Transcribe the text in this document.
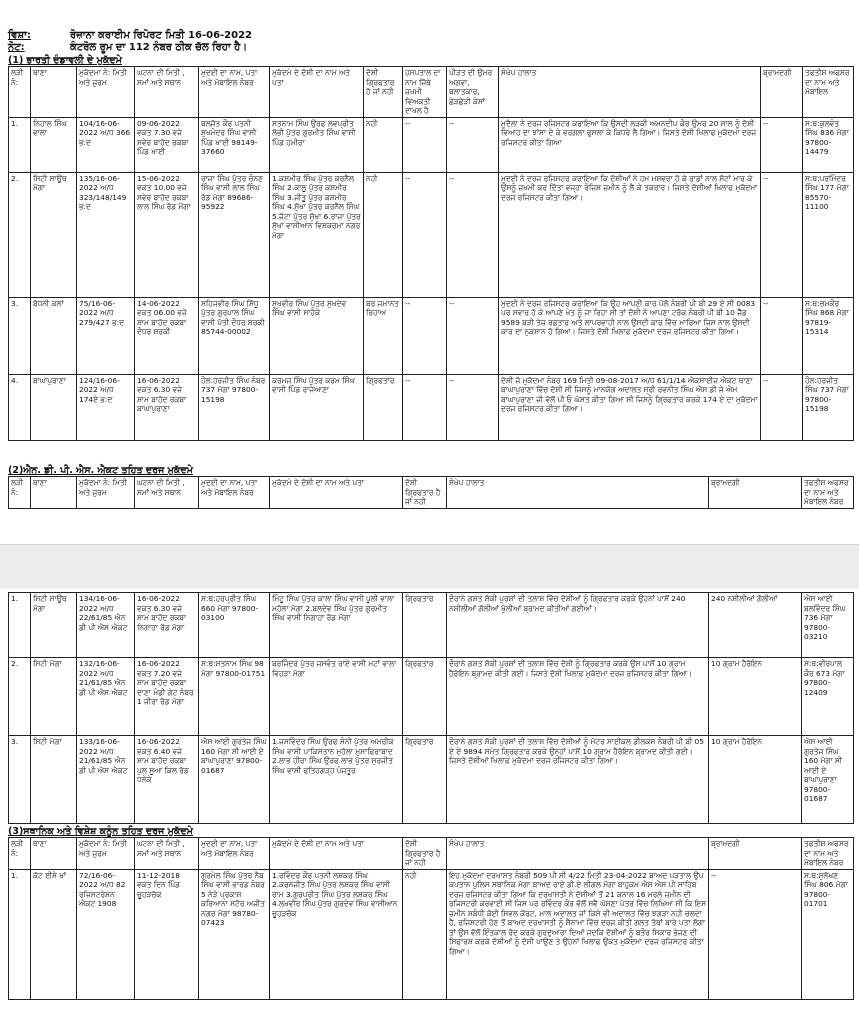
ਵਿਸ਼ਾ:	ਰੋਜ਼ਾਨਾ ਕਰਾਈਮ ਰਿਪੋਰਟ ਮਿਤੀ 16-06-2022
ਨੋਟ:	ਕੰਟਰੋਲ ਰੂਮ ਦਾ 112 ਨੰਬਰ ਠੀਕ ਚੱਲ ਰਿਹਾ ਹੈ।
(1) ਭਾਰਤੀ ਦੰਡਾਵਲੀ ਦੇ ਮੁਕੱਦਮੇ
ਲੜੀ ਨੰ:	ਥਾਣਾ	ਮੁਕੱਦਮਾ ਨੰ: ਮਿਤੀ ਅਤੇ ਜੁਰਮ	ਘਟਨਾ ਦੀ ਮਿਤੀ , ਸਮਾਂ ਅਤੇ ਸਥਾਨ	ਮੁਦਈ ਦਾ ਨਾਮ, ਪਤਾ ਅਤੇ ਮੋਬਾਇਲ ਨੰਬਰ	ਮੁਕੱਦਮੇ ਦੇ ਦੋਸ਼ੀ ਦਾ ਨਾਮ ਅਤੇ ਪਤਾ	ਦੋਸ਼ੀ ਗ੍ਰਿਫਤਾਰ ਹੋ ਜਾਂ ਨਹੀ	ਹਸਪਤਾਲ ਦਾ ਨਾਮ ਜਿੱਥੇ ਜ਼ਖਮੀ ਵਿਅਕਤੀ ਦਾਖਲ ਹੈ	ਪੀੜਤ ਦੀ ਉਮਰ ਅਗਵਾ, ਬਲਾਤਕਾਰ, ਛੇੜਛੇੜੀ ਕੇਸਾਂ	ਸੰਖੇਪ ਹਾਲਾਤ	ਬ੍ਰਾਮਦਗੀ	ਤਫਤੀਸ਼ ਅਫਸਰ ਦਾ ਨਾਮ ਅਤੇ ਮੋਬਾਇਲ
1.	ਨਿਹਾਲ ਸਿੰਘ ਵਾਲਾ	104/16-06-2022 ਅ/ਧ 366 ਭ:ਦ	09-06-2022 ਵਕਤ 7.30 ਵਜੇ ਸਵੇਰ ਬਾਹੱਦ ਰਕਬਾ ਪਿੰਡ ਖਾਈ	ਬਲਜੋਤ ਕੌਰ ਪਤਨੀ ਸੁਖਮੰਦਰ ਸਿੰਘ ਵਾਸੀ ਪਿੰਡ ਖਾਈ 98149-37660	ਸਤਨਾਮ ਸਿੰਘ ਉਰਫ ਲਵਪ੍ਰੀਤ ਲੱਭੀ ਪੁੱਤਰ ਗੁਰਮੀਤ ਸਿੰਘ ਵਾਸੀ ਪਿੰਡ ਹਮੀਰਾ	ਨਹੀ	--	--	ਮੁਦੈਲਾ ਨੇ ਦਰਜ ਰਜਿਸਟਰ ਕਰਾਇਆ ਕਿ ਉਸਦੀ ਲੜਕੀ ਅਮਨਦੀਪ ਕੌਰ ਉਮਰ 20 ਸਾਲ ਨੂੰ ਦੋਸ਼ੀ ਵਿਆਹ ਦਾ ਝਾਂਸਾ ਦੇ ਕੇ ਵਰਗਲਾ ਫੁਸਲਾ ਕੇ ਕਿਧਰੇ ਲੈ ਗਿਆ। ਜਿਸਤੇ ਦੋਸ਼ੀ ਖਿਲਾਫ ਮੁਕੱਦਮਾ ਦਰਜ ਰਜਿਸਟਰ ਕੀਤਾ ਗਿਆ	--	ਸ:ਥ:ਕੁਲਵੰਤ ਸਿੰਘ 836 ਮੋਗਾ 97800-14479
2.	ਸਿਟੀ ਸਾਊਥ ਮੋਗਾ	135/16-06-2022 ਅ/ਧ 323/148/149 ਭ:ਦ	15-06-2022 ਵਕਤ 10.00 ਵਜੇ ਸਵੇਰ ਬਾਹੱਦ ਰਕਬਾ ਲਾਲ ਸਿੰਘ ਰੋਡ ਮੋਗਾ	ਰਾਜਾ ਸਿੰਘ ਪੁੱਤਰ ਚੰਨਣ ਸਿੰਘ ਵਾਸੀ ਲਾਲ ਸਿੰਘ ਰੋਡ ਮੋਗਾ 89686-95922	1.ਕਸ਼ਮੀਰ ਸਿੰਘ ਪੁੱਤਰ ਕਰਨੈਲ ਸਿੰਘ 2.ਕਾਲੂ ਪੁੱਤਰ ਕਸ਼ਮੀਰ ਸਿੰਘ 3.ਜੀਤੂ ਪੁੱਤਰ ਕਸ਼ਮੀਰ ਸਿੰਘ 4.ਸੁੱਖਾ ਪੁੱਤਰ ਕਰਨੈਲ ਸਿੰਘ 5.ਜੱਟਾ ਪੁੱਤਰ ਸੁੱਖਾ 6.ਰਾਜਾ ਪੁੱਤਰ ਸੁੱਖਾ ਵਾਸੀਆਨ ਵਿਸ਼ਕਰਮਾ ਨਗਰ ਮੋਗਾ	ਨਹੀ	--	--	ਮੁਦਈ ਨੇ ਦਰਜ ਰਜਿਸਟਰ ਕਰਾਇਆ ਕਿ ਦੋਸ਼ੀਆਂ ਨੇ ਹਮ ਮਸ਼ਵਰਾ ਹੋ ਕੇ ਰਾਡਾਂ ਨਾਲ ਸੱਟਾਂ ਮਾਰ ਕੇ ਉਸਨੂੰ ਜ਼ਖਮੀ ਕਰ ਦਿੱਤਾ ਵਜ੍ਹਾ ਰੰਜਿਸ਼ ਜ਼ਮੀਨ ਨੂੰ ਲੈ ਕੇ ਤਕਰਾਰ। ਜਿਸਤੇ ਦੋਸ਼ੀਆਂ ਖਿਲਾਫ ਮੁਕੱਦਮਾ ਦਰਜ ਰਜਿਸਟਰ ਕੀਤਾ ਗਿਆ।	--	ਸ:ਥ:ਪਰਮਿੰਦਰ ਸਿੰਘ 177 ਮੋਗਾ 85570-11100
3.	ਬੱਧਨੀ ਕਲਾਂ	75/16-06-2022 ਅ/ਧ 279/427 ਭ:ਦ	14-06-2022 ਵਕਤ 06.00 ਵਜੇ ਸ਼ਾਮ ਬਾਹੱਦ ਰਕਬਾ ਦੌਧਰ ਸ਼ਰਕੀ	ਸਹਿਜਵੀਰ ਸਿੰਘ ਸਿੱਧੂ ਪੁੱਤਰ ਗੁਰਪਾਲ ਸਿੰਘ ਵਾਸੀ ਪੱਤੀ ਦੌਧਰ ਸ਼ਰਕੀ 85744-00002	ਸੁਖਵੀਰ ਸਿੰਘ ਪੁੱਤਰ ਸੁਖਦੇਵ ਸਿੰਘ ਵਾਸੀ ਸਾਹੋਕੇ	ਬਰ ਜਮਾਨਤ ਰਿਹਾਅ	--	--	ਮੁਦਈ ਨੇ ਦਰਜ ਰਜਿਸਟਰ ਕਰਾਇਆ ਕਿ ਉਹ ਆਪਣੀ ਕਾਰ ਪੋਲੋ ਨੰਬਰੀ ਪੀ ਬੀ 29 ਏ ਸੀ 0083 ਪਰ ਸਵਾਰ ਹੋ ਕੇ ਆਪਣੇ ਖੇਤ ਨੂੰ ਜਾ ਰਿਹਾ ਸੀ ਤਾਂ ਦੋਸ਼ੀ ਨੇ ਆਪਣਾ ਟਰੱਕ ਨੰਬਰੀ ਪੀ ਬੀ 10 ਜੈੱਡ 9589 ਬੜੀ ਤੇਜ਼ ਰਫਤਾਰ ਅਤੇ ਲਾਪਰਵਾਹੀ ਨਾਲ ਉਸਦੀ ਕਾਰ ਵਿੱਚ ਮਾਰਿਆ ਜਿਸ ਨਾਲ ਉਸਦੀ ਕਾਰ ਦਾ ਨੁਕਸਾਨ ਹੋ ਗਿਆ। ਜਿਸਤੇ ਦੋਸ਼ੀ ਖਿਲਾਫ ਮੁਕੱਦਮਾ ਦਰਜ ਰਜਿਸਟਰ ਕੀਤਾ ਗਿਆ।	--	ਸ:ਥ:ਚਮਕੌਰ ਸਿੰਘ 868 ਮੋਗਾ 97819-15314
4.	ਬਾਘਾਪੁਰਾਣਾ	124/16-06-2022 ਅ/ਧ 174ਏ ਭ:ਦ	16-06-2022 ਵਕਤ 6.30 ਵਜੇ ਸ਼ਾਮ ਬਾਹੱਦ ਰਕਬਾ ਬਾਘਾਪੁਰਾਣਾ	ਹੌਲ:ਹਰਜੀਤ ਸਿੰਘ ਨੰਬਰ 737 ਮੋਗਾ 97800-15198	ਕਰਮਜ ਸਿੰਘ ਪੁੱਤਰ ਕਰਮ ਸਿੰਘ ਵਾਸੀ ਪਿੰਡ ਰਾਜੇਆਣਾ	ਗ੍ਰਿਫਤਾਰ	--	--	ਦੋਸ਼ੀ ਜੋ ਮੁਕੱਦਮਾ ਨੰਬਰ 169 ਮਿਤੀ 09-08-2017 ਅ/ਧ 61/1/14 ਐਕਸਾਈਜ ਐਕਟ ਥਾਣਾ ਬਾਘਾਪੁਰਾਣਾ ਵਿੱਚ ਦੋਸ਼ੀ ਸੀ ਜਿਸਨੂੰ ਮਾਨਯੋਗ ਅਦਾਲਤ ਸ੍ਰੀ ਰਵਨੀਤ ਸਿੰਘ ਐਸ ਡੀ ਜੇ ਐਮ ਬਾਘਾਪੁਰਾਣਾ ਜੀ ਵੱਲੋਂ ਪੀ ਓ ਘੋਸ਼ਤ ਕੀਤਾ ਗਿਆ ਸੀ ਜਿਸਨੂੰ ਗ੍ਰਿਫਤਾਰ ਕਰਕੇ 174 ਏ ਦਾ ਮੁਕੱਦਮਾ ਦਰਜ ਰਜਿਸਟਰ ਕੀਤਾ ਗਿਆ।	--	ਹੌਲ:ਹਰਜੀਤ ਸਿੰਘ 737 ਮੋਗਾ 97800-15198
(2)ਐਨ. ਡੀ. ਪੀ. ਐਸ. ਐਕਟ ਤਹਿਤ ਦਰਜ ਮੁਕੱਦਮੇ
ਲੜੀ ਨੰ:	ਥਾਣਾ	ਮੁਕੱਦਮਾ ਨੰ: ਮਿਤੀ ਅਤੇ ਜੁਰਮ	ਘਟਨਾ ਦੀ ਮਿਤੀ , ਸਮਾਂ ਅਤੇ ਸਥਾਨ	ਮੁਦਈ ਦਾ ਨਾਮ, ਪਤਾ ਅਤੇ ਮੋਬਾਇਲ ਨੰਬਰ	ਮੁਕੱਦਮੇ ਦੇ ਦੋਸ਼ੀ ਦਾ ਨਾਮ ਅਤੇ ਪਤਾ	ਦੋਸ਼ੀ ਗ੍ਰਿਫਤਾਰ ਹੈ ਜਾਂ ਨਹੀ	ਸੰਖੇਪ ਹਾਲਾਤ	ਬ੍ਰਾਮਦਗੀ	ਤਫਤੀਸ਼ ਅਫਸਰ ਦਾ ਨਾਮ ਅਤੇ ਮੋਬਾਇਲ ਨੰਬਰ
1.	ਸਿਟੀ ਸਾਊਥ ਮੋਗਾ	134/16-06-2022 ਅ/ਧ 22/61/85 ਐਨ ਡੀ ਪੀ ਐਸ ਐਕਟ	16-06-2022 ਵਕਤ 6.30 ਵਜੇ ਸ਼ਾਮ ਬਾਹੱਦ ਰਕਬਾ ਨਿਗਾਹਾ ਰੋਡ ਮੋਗਾ	ਸ:ਥ:ਹਰਪ੍ਰੀਤ ਸਿੰਘ 660 ਮੋਗਾ 97800-03100	ਮਿੰਟੂ ਸਿੰਘ ਪੁੱਤਰ ਕਾਲਾ ਸਿੰਘ ਵਾਸੀ ਪੂਲੀ ਵਾਲਾ ਮਹੱਲਾ ਮੋਗਾ 2.ਬਲਦੇਵ ਸਿੰਘ ਪੁੱਤਰ ਗੁਰਮੀਤ ਸਿੰਘ ਵਾਸੀ ਨਿਗਾਹਾ ਰੋਡ ਮੋਗਾ	ਗ੍ਰਿਫਤਾਰ	ਦੌਰਾਨੇ ਗਸ਼ਤ ਸ਼ੱਕੀ ਪੁਰਸ਼ਾਂ ਦੀ ਤਲਾਸ਼ ਵਿੱਚ ਦੋਸ਼ੀਆਂ ਨੂੰ ਗ੍ਰਿਫਤਾਰ ਕਰਕੇ ਉਹਨਾਂ ਪਾਸੋਂ 240 ਨਸ਼ੀਲੀਆਂ ਗੋਲੀਆਂ ਖੁੱਲੀਆਂ ਬ੍ਰਾਮਦ ਕੀਤੀਆਂ ਗਈਆਂ।	240 ਨਸ਼ੀਲੀਆਂ ਗੋਲੀਆਂ	ਐਸ ਆਈ ਬਲਵਿੰਦਰ ਸਿੰਘ 736 ਮੋਗਾ 97800-03210
2.	ਸਿਟੀ ਮੋਗਾ	132/16-06-2022 ਅ/ਧ 21/61/85 ਐਨ ਡੀ ਪੀ ਐਸ ਐਕਟ	16-06-2022 ਵਕਤ 7.20 ਵਜੇ ਸ਼ਾਮ ਬਾਹੱਦ ਰਕਬਾ ਦਾਣਾ ਮੰਡੀ ਗੇਟ ਨੰਬਰ 1 ਜੀਰਾ ਰੋਡ ਮੋਗਾ	ਸ:ਥ:ਸਤਨਾਮ ਸਿੰਘ 98 ਮੋਗਾ 97800-01751	ਬਰਜਿੰਦਰ ਪੁੱਤਰ ਜਸਵੰਤ ਰਾਏ ਵਾਸੀ ਮਟਾਂ ਵਾਲਾ ਵਿਹੜਾ ਮੋਗਾ	ਗ੍ਰਿਫਤਾਰ	ਦੌਰਾਨੇ ਗਸ਼ਤ ਸ਼ੱਕੀ ਪੁਰਸ਼ਾਂ ਦੀ ਤਲਾਸ਼ ਵਿੱਚ ਦੋਸ਼ੀ ਨੂੰ ਗ੍ਰਿਫਤਾਰ ਕਰਕੇ ਉਸ ਪਾਸੋਂ 10 ਗ੍ਰਾਮ ਹੈਰੋਇਨ ਬ੍ਰਾਮਦ ਕੀਤੀ ਗਈ। ਜਿਸਤੇ ਦੋਸ਼ੀ ਖਿਲਾਫ ਮੁਕੱਦਮਾ ਦਰਜ ਰਜਿਸਟਰ ਕੀਤਾ ਗਿਆ।	10 ਗ੍ਰਾਮ ਹੈਰੋਇਨ	ਸ:ਥ:ਵੀਰਪਾਲ ਕੌਰ 673 ਮੋਗਾ 97800-12409
3.	ਸਿਟੀ ਮੋਗਾ	133/16-06-2022 ਅ/ਧ 21/61/85 ਐਨ ਡੀ ਪੀ ਐਸ ਐਕਟ	16-06-2022 ਵਕਤ 6.40 ਵਜੇ ਸ਼ਾਮ ਬਾਹੱਦ ਰਕਬਾ ਪੁਲ ਸੂਆ ਕਿਲ ਰੋਡ ਧਲੇਕੇ	ਐਸ ਆਈ ਗੁਰਤੇਜ ਸਿੰਘ 160 ਮੋਗਾ ਸੀ ਆਈ ਏ ਬਾਘਾਪੁਰਾਣਾ 97800-01687	1.ਜਸਵਿੰਦਰ ਸਿੰਘ ਉਰਫ ਸੰਨੀ ਪੁੱਤਰ ਅਮਰੀਕ ਸਿੰਘ ਵਾਸੀ ਪਾਕਿਸਤਾਨ ਮੁਹੱਲਾ ਮੁਸਾਫਿਰਾਬਾਦ 2.ਲਾਭ ਹੀਰਾ ਸਿੰਘ ਉਰਫ ਲਾਭ ਪੁੱਤਰ ਸੁਰਜੀਤ ਸਿੰਘ ਵਾਸੀ ਫਤਿਹਗੜ੍ਹ ਪੰਜਤੂਰ	ਗ੍ਰਿਫਤਾਰ	ਦੌਰਾਨੇ ਗਸ਼ਤ ਸ਼ੱਕੀ ਪੁਰਸ਼ਾਂ ਦੀ ਤਲਾਸ਼ ਵਿੱਚ ਦੋਸ਼ੀਆਂ ਨੂੰ ਮੋਟਰ ਸਾਈਕਲ ਡੀਲਕਸ ਨੰਬਰੀ ਪੀ ਬੀ 05 ਏ ਏ 9894 ਸਮੇਤ ਗ੍ਰਿਫਤਾਰ ਕਰਕੇ ਉਨ੍ਹਾਂ ਪਾਸੋਂ 10 ਗ੍ਰਾਮ ਹੈਰੋਇਨ ਬ੍ਰਾਮਦ ਕੀਤੀ ਗਈ। ਜਿਸਤੇ ਦੋਸ਼ੀਆਂ ਖਿਲਾਫ ਮੁਕੱਦਮਾ ਦਰਜ ਰਜਿਸਟਰ ਕੀਤਾ ਗਿਆ।	10 ਗ੍ਰਾਮ ਹੈਰੋਇਨ	ਐਸ ਆਈ ਗੁਰਤੇਜ ਸਿੰਘ 160 ਮੋਗਾ ਸੀ ਆਈ ਏ ਬਾਘਾਪੁਰਾਣਾ 97800-01687
(3)ਸਥਾਨਿਕ ਅਤੇ ਵਿਸ਼ੇਸ਼ ਕਨੂੰਨ ਤਹਿਤ ਦਰਜ ਮੁਕੱਦਮੇ
ਲੜੀ ਨੰ:	ਥਾਣਾ	ਮੁਕੱਦਮਾ ਨੰ: ਮਿਤੀ ਅਤੇ ਜੁਰਮ	ਘਟਨਾ ਦੀ ਮਿਤੀ , ਸਮਾਂ ਅਤੇ ਸਥਾਨ	ਮੁਦਈ ਦਾ ਨਾਮ, ਪਤਾ ਅਤੇ ਮੋਬਾਇਲ ਨੰਬਰ	ਮੁਕੱਦਮੇ ਦੇ ਦੋਸ਼ੀ ਦਾ ਨਾਮ ਅਤੇ ਪਤਾ	ਦੋਸ਼ੀ ਗ੍ਰਿਫਤਾਰ ਹੈ ਜਾਂ ਨਹੀ	ਸੰਖੇਪ ਹਾਲਾਤ	ਬ੍ਰਾਮਦਗੀ	ਤਫਤੀਸ਼ ਅਫਸਰ ਦਾ ਨਾਮ ਅਤੇ ਮੋਬਾਇਲ ਨੰਬਰ
1.	ਕੋਟ ਈਸੇ ਖਾਂ	72/16-06-2022 ਅ/ਧ 82 ਰਜਿਸਟਰੇਸ਼ਨ ਐਕਟ 1908	11-12-2018 ਵਕਤ ਦਿਨ ਪਿੰਡ ਚੂਹੜਚੱਕ	ਗੁਰਮੇਲ ਸਿੰਘ ਪੁੱਤਰ ਨੈਬ ਸਿੰਘ ਵਾਸੀ ਵਾਰਡ ਨੰਬਰ 5 ਨੇੜੇ ਪ੍ਰਕਾਸ਼ ਕਰਿਆਨਾ ਸਟੋਰ ਅਜੀਤ ਨਗਰ ਮੋਗਾ 98780-07423	1.ਰਵਿੰਦਰ ਕੌਰ ਪਤਨੀ ਲਸ਼ਕਰ ਸਿੰਘ 2.ਕਰਨਜੀਤ ਸਿੰਘ ਪੁੱਤਰ ਲਸ਼ਕਰ ਸਿੰਘ ਵਾਸੀ ਰਾਮ 3.ਗੁਰਪ੍ਰੀਤ ਸਿੰਘ ਪੁੱਤਰ ਲਸ਼ਕਰ ਸਿੰਘ 4.ਲਖਵੀਰ ਸਿੰਘ ਪੁੱਤਰ ਗੁਰਦੇਵ ਸਿੰਘ ਵਾਸੀਆਨ ਚੂਹੜਚੱਕ	ਨਹੀ	ਇਹ ਮੁਕੱਦਮਾ ਦਰਖਾਸਤ ਨੰਬਰੀ 509 ਪੀ ਸੀ 4/22 ਮਿਤੀ 23-04-2022 ਬਾਅਦ ਪੜਤਾਲ ਉਪ ਕਪਤਾਨ ਪੁਲਿਸ ਸਥਾਨਿਕ ਮੋਗਾ ਬਾਅਦ ਰਾਏ ਡੀ.ਏ ਲੀਗਲ ਮੋਗਾ ਬਾਹੁਕਮ ਐਸ ਐਸ ਪੀ ਸਾਹਿਬ ਦਰਜ ਰਜਿਸਟਰ ਕੀਤਾ ਗਿਆ ਕਿ ਦਰਖਾਸਤੀ ਨੇ ਦੋਸ਼ੀਆਂ ਤੋਂ 21 ਕਨਾਲ 16 ਮਰਲੇ ਜ਼ਮੀਨ ਦੀ ਰਜਿਸਟਰੀ ਕਰਵਾਈ ਸੀ ਜਿਸ ਪਰ ਰਵਿੰਦਰ ਕੌਰ ਵੱਲੋਂ ਸਵੈ ਘੋਸ਼ਣਾ ਪੱਤਰ ਵਿੱਚ ਲਿਖਿਆ ਸੀ ਕਿ ਇਸ ਜ਼ਮੀਨ ਸਬੰਧੀ ਕੋਈ ਸਿਵਲ ਕੋਰਟ, ਮਾਲ ਅਦਾਲਤ ਜਾਂ ਕਿਸੇ ਵੀ ਅਦਾਲਤ ਵਿੱਚ ਝਗੜਾ ਨਹੀ ਚਲਦਾ ਹੈ, ਰਜਿਸਟਰੀ ਹੋਣ ਤੋਂ ਬਾਅਦ ਦਰਖਾਸਤੀ ਨੂੰ ਸ਼ੈਨਾਮਾ ਵਿੱਚ ਦਰਜ ਕੀਤੀ ਗਲਤ ਤੱਥਾਂ ਬਾਰੇ ਪਤਾ ਲੱਗਾ ਤਾਂ ਉਸ ਵੱਲੋਂ ਇੰਤਕਾਲ ਰੱਦ ਕਰਕੇ ਗੁਰਦੁਆਰਾ ਦਿਆਂ ਜਦਕਿ ਦੋਸ਼ੀਆਂ ਨੂੰ ਬਤੌਰ ਸਿਕਾਰ ਭੇਜਣ ਦੀ ਸਿਫਾਰਸ਼ ਕਰਕੇ ਦੋਸ਼ੀਆਂ ਨੂੰ ਦੋਸ਼ੀ ਪਾਉਣ ਤੇ ਉਹਨਾਂ ਖਿਲਾਫ ਉਕਤ ਮੁਕੱਦਮਾ ਦਰਜ ਰਜਿਸਟਰ ਕੀਤਾ ਗਿਆ।	--	ਸ:ਥ:ਸੁਲੱਖਣ ਸਿੰਘ 806 ਮੋਗਾ 97800-01701
